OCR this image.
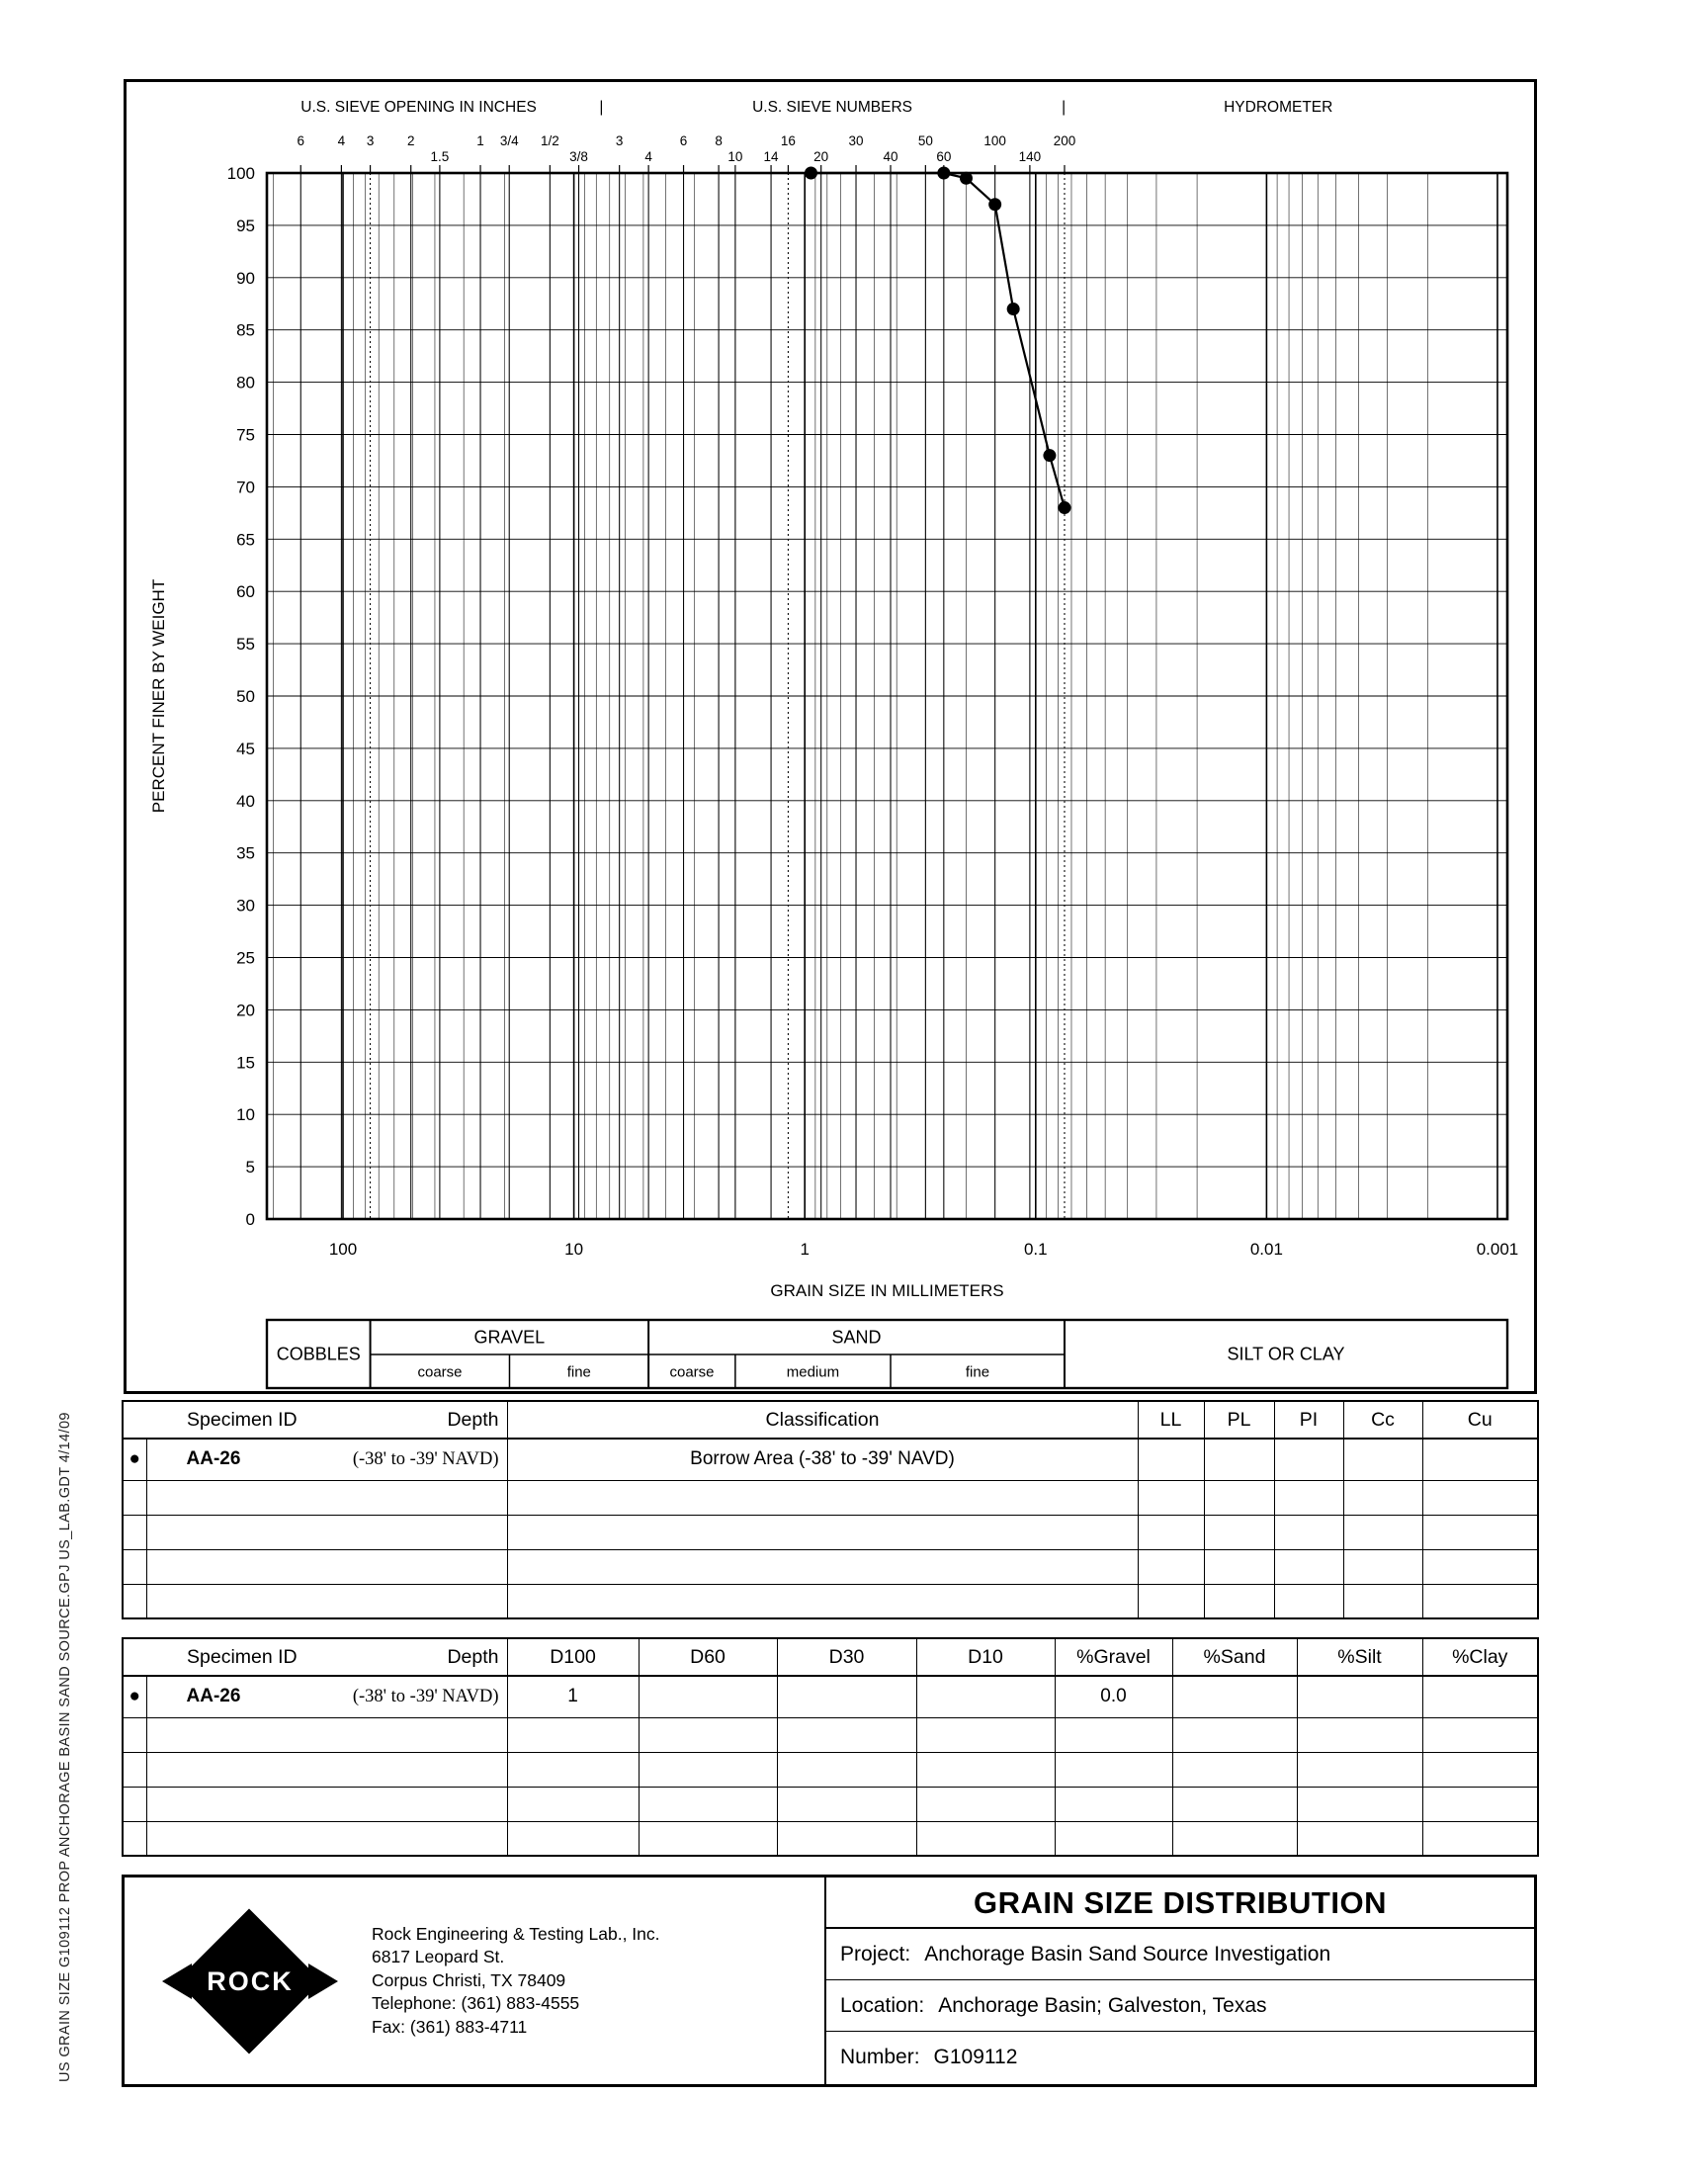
US GRAIN SIZE G109112 PROP ANCHORAGE BASIN SAND SOURCE.GPJ US_LAB.GDT 4/14/09
6 4 3 2
1.5
1 3/4 1/2
3/8
3
4
6 8
10 14
16
20
30
40
50
60
100
140
200
100	10	1	0.1	0.01	0.001
0
5
10
15
20
25
30
35
40
45
50
55
60
65
70
75
80
85
90
95
100
PERCENT FINER BY WEIGHT
GRAIN SIZE IN MILLIMETERS
U.S. SIEVE OPENING IN INCHES	U.S. SIEVE NUMBERS	HYDROMETER
|	|
COBBLES
GRAVEL
coarse	fine
SAND
coarse	medium	fine
SILT OR CLAY
Specimen ID Depth		Classification	LL	PL	PI	Cc	Cu
●	AA-26 (-38' to -39' NAVD)	Borrow Area (-38' to -39' NAVD)					

Specimen ID Depth		D100	D60	D30	D10	%Gravel	%Sand	%Silt	%Clay
●	AA-26 (-38' to -39' NAVD)	1				0.0			

ROCK
Rock Engineering & Testing Lab., Inc.
6817 Leopard St.
Corpus Christi, TX 78409
Telephone: (361) 883-4555
Fax: (361) 883-4711
GRAIN SIZE DISTRIBUTION
Project: Anchorage Basin Sand Source Investigation
Location: Anchorage Basin; Galveston, Texas
Number: G109112
